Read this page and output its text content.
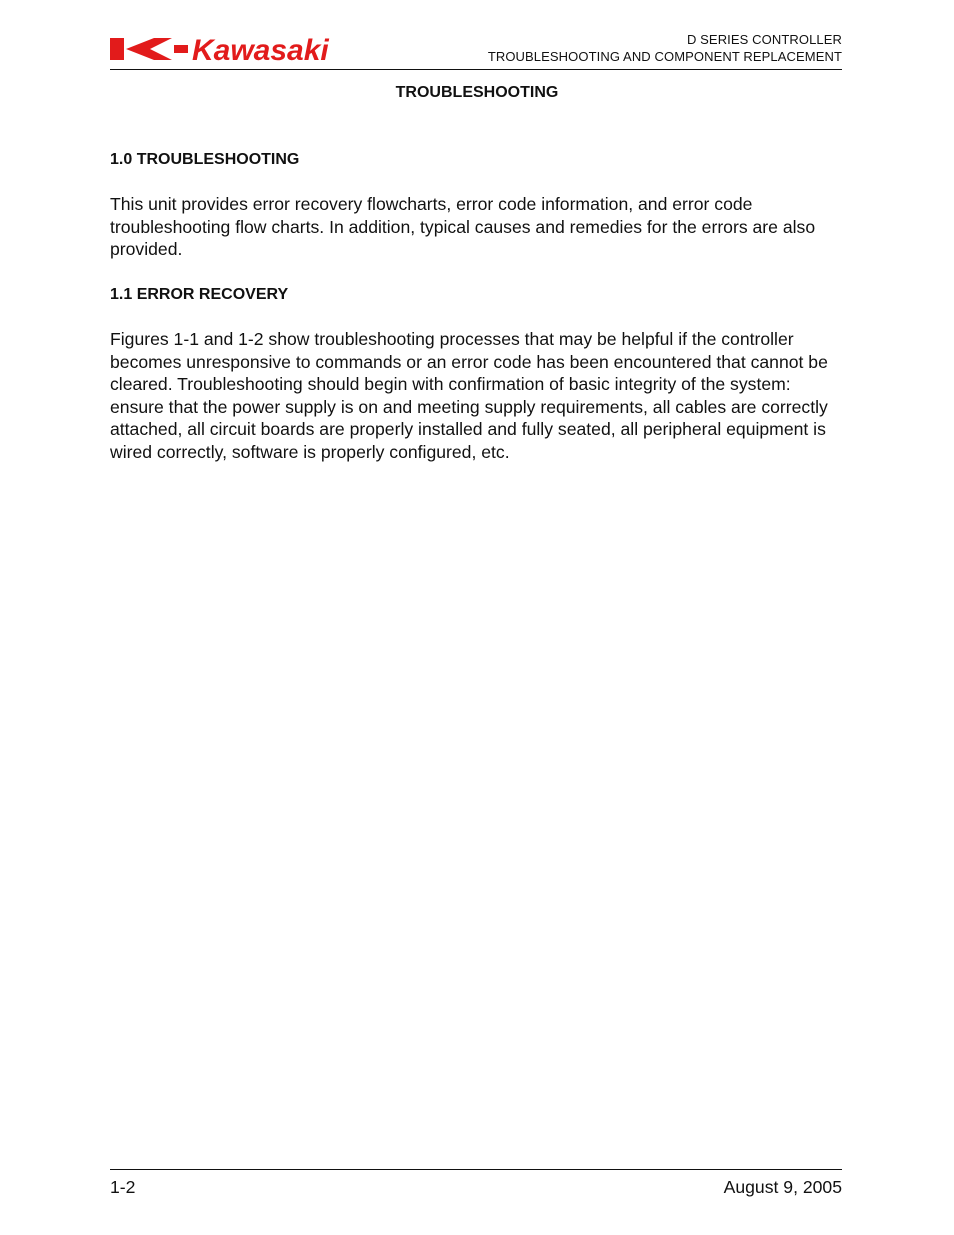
Kawasaki	D SERIES CONTROLLER
TROUBLESHOOTING AND COMPONENT REPLACEMENT
TROUBLESHOOTING
1.0 TROUBLESHOOTING

This unit provides error recovery flowcharts, error code information, and error code troubleshooting flow charts. In addition, typical causes and remedies for the errors are also provided.

1.1 ERROR RECOVERY

Figures 1-1 and 1-2 show troubleshooting processes that may be helpful if the controller becomes unresponsive to commands or an error code has been encountered that cannot be cleared. Troubleshooting should begin with confirmation of basic integrity of the system: ensure that the power supply is on and meeting supply requirements, all cables are correctly attached, all circuit boards are properly installed and fully seated, all peripheral equipment is wired correctly, software is properly configured, etc.

1-2	August 9, 2005
